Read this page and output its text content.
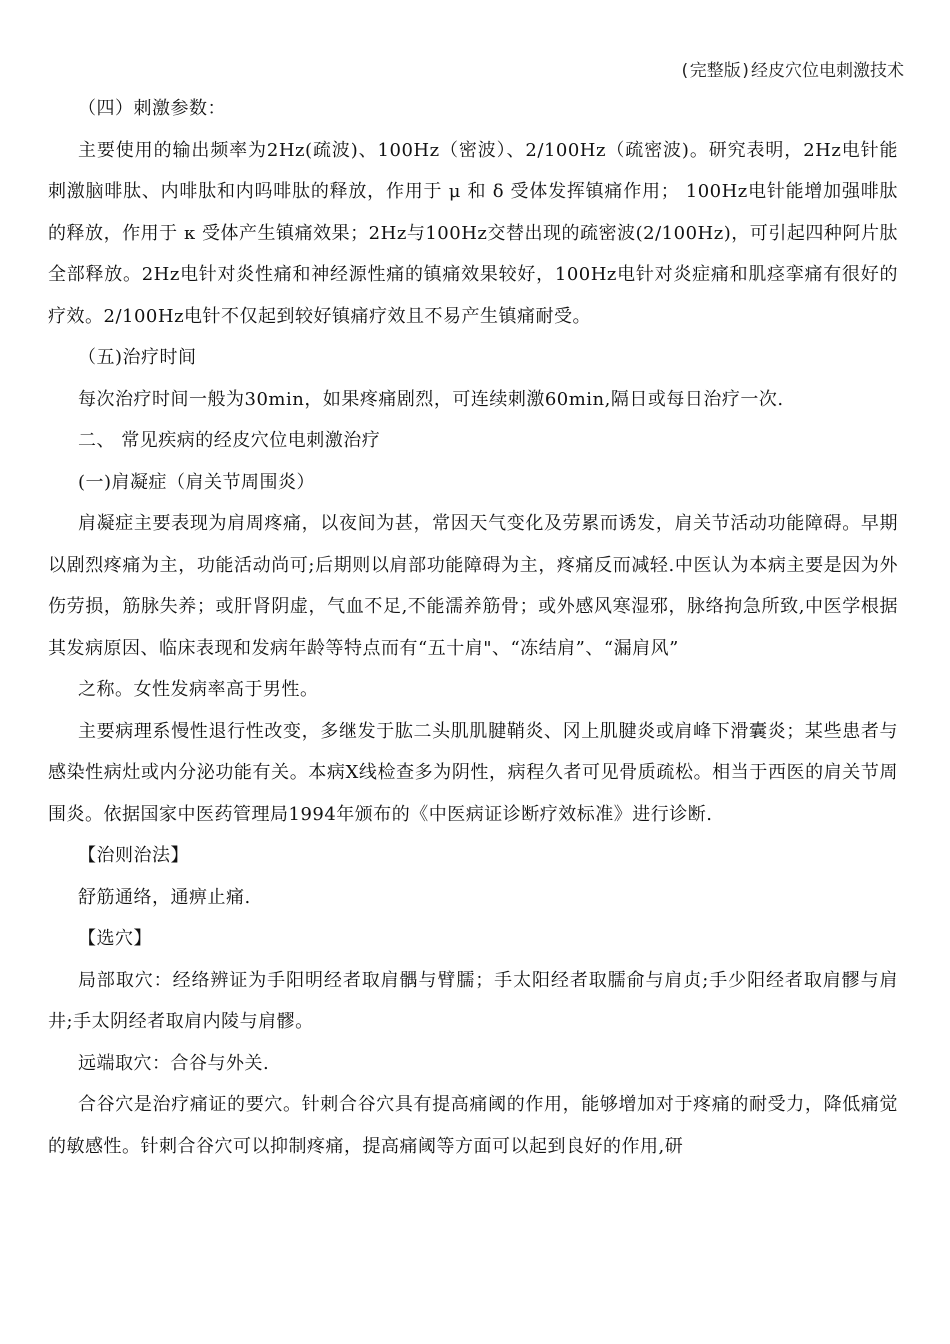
(完整版)经皮穴位电刺激技术
（四）刺激参数：

主要使用的输出频率为2Hz(疏波)、100Hz（密波）、2/100Hz（疏密波)。研究表明，2Hz电针能刺激脑啡肽、内啡肽和内吗啡肽的释放，作用于 μ 和 δ 受体发挥镇痛作用； 100Hz电针能增加强啡肽的释放，作用于 κ 受体产生镇痛效果；2Hz与100Hz交替出现的疏密波(2/100Hz)，可引起四种阿片肽全部释放。2Hz电针对炎性痛和神经源性痛的镇痛效果较好，100Hz电针对炎症痛和肌痉挛痛有很好的疗效。2/100Hz电针不仅起到较好镇痛疗效且不易产生镇痛耐受。

（五)治疗时间

每次治疗时间一般为30min，如果疼痛剧烈，可连续刺激60min,隔日或每日治疗一次.

二、 常见疾病的经皮穴位电刺激治疗
(一)肩凝症（肩关节周围炎）

肩凝症主要表现为肩周疼痛，以夜间为甚，常因天气变化及劳累而诱发，肩关节活动功能障碍。早期以剧烈疼痛为主，功能活动尚可;后期则以肩部功能障碍为主，疼痛反而减轻.中医认为本病主要是因为外伤劳损，筋脉失养；或肝肾阴虚，气血不足,不能濡养筋骨；或外感风寒湿邪，脉络拘急所致,中医学根据其发病原因、临床表现和发病年龄等特点而有“五十肩"、“冻结肩”、“漏肩风”

之称。女性发病率高于男性。

主要病理系慢性退行性改变，多继发于肱二头肌肌腱鞘炎、冈上肌腱炎或肩峰下滑囊炎；某些患者与感染性病灶或内分泌功能有关。本病X线检查多为阴性，病程久者可见骨质疏松。相当于西医的肩关节周围炎。依据国家中医药管理局1994年颁布的《中医病证诊断疗效标准》进行诊断.

【治则治法】

舒筋通络，通痹止痛.

【选穴】

局部取穴：经络辨证为手阳明经者取肩髃与臂臑；手太阳经者取臑俞与肩贞;手少阳经者取肩髎与肩井;手太阴经者取肩内陵与肩髎。

远端取穴：合谷与外关.

合谷穴是治疗痛证的要穴。针刺合谷穴具有提高痛阈的作用，能够增加对于疼痛的耐受力，降低痛觉的敏感性。针刺合谷穴可以抑制疼痛，提高痛阈等方面可以起到良好的作用,研
